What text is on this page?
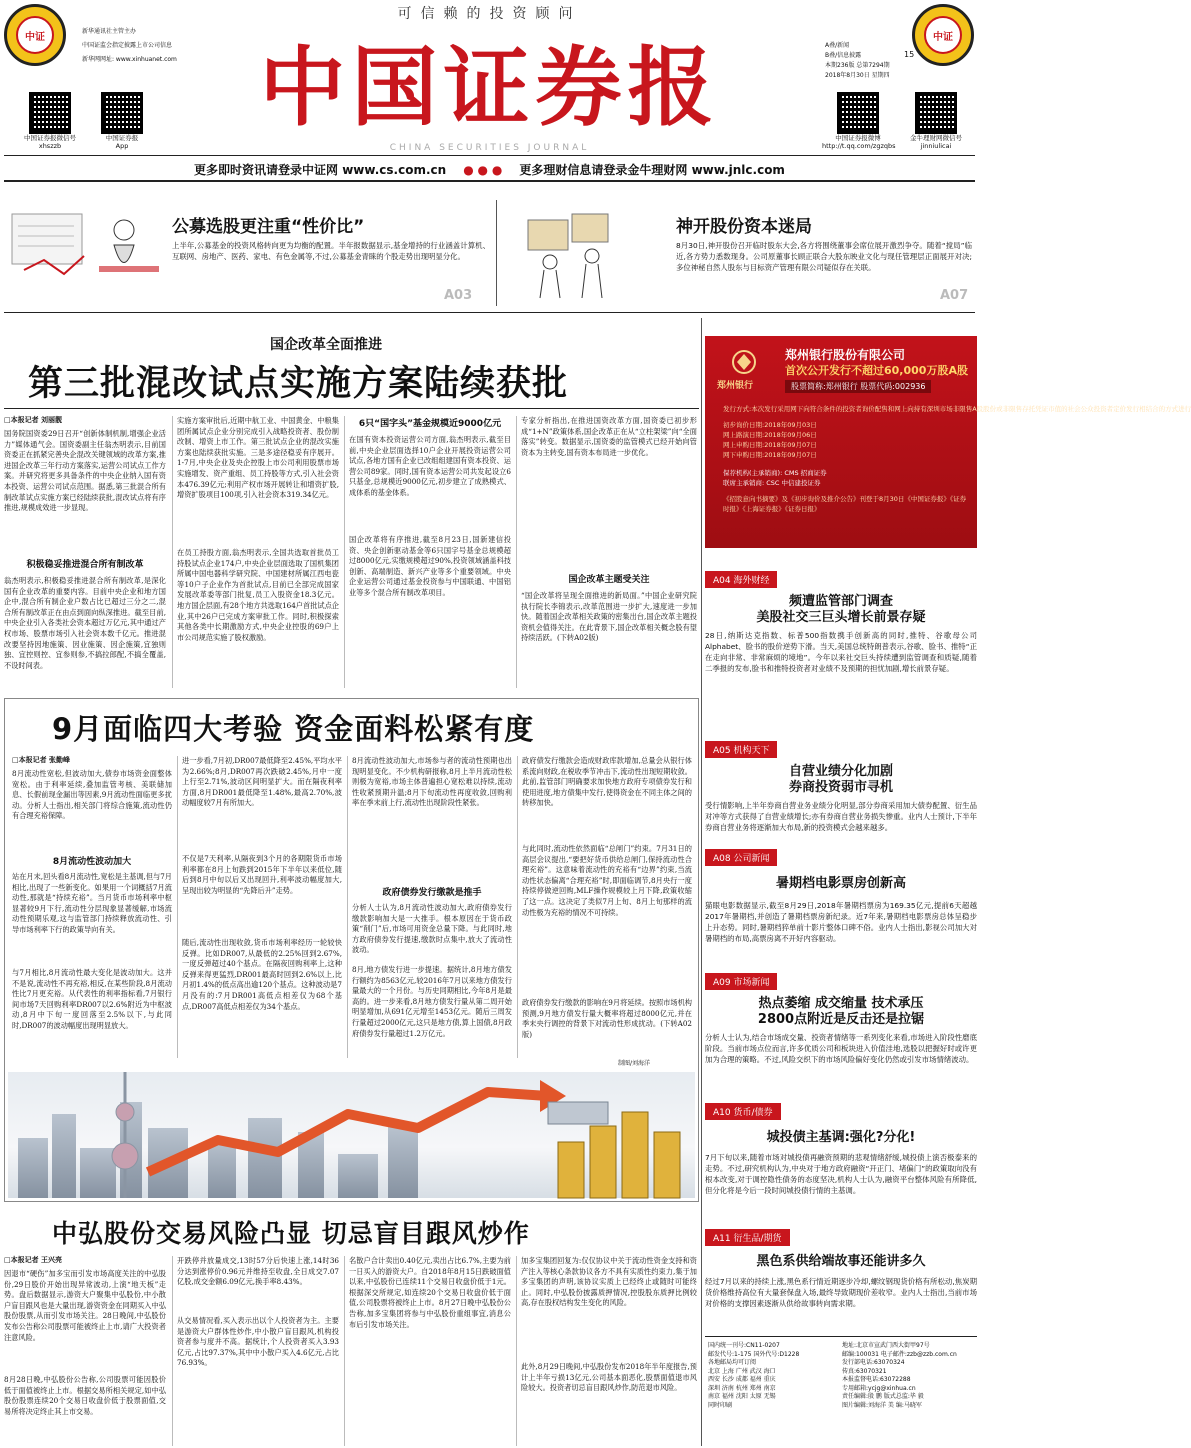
可信赖的投资顾问
中证	中证
新华通讯社主管主办
中国证监会指定披露上市公司信息
新华网网址: www.xinhuanet.com 中国证券报
CHINA SECURITIES JOURNAL
A叠/新闻
B叠/信息披露
本期236版 总第7294期
2018年8月30日 星期四
15
中国证券报微信号
xhszzb
中国证券报
App
中国证券报微博
http://t.qq.com/zgzqbs
金牛理财网微信号
jinniulicai
更多即时资讯请登录中证网 www.cs.com.cn ● ● ● 更多理财信息请登录金牛理财网 www.jnlc.com
公募选股更注重“性价比”
上半年,公募基金的投资风格转向更为均衡的配置。半年报数据显示,基金增持的行业涵盖计算机、互联网、房地产、医药、家电、有色金属等,不过,公募基金青睐的个股走势出现明显分化。
A03
神开股份资本迷局
8月30日,神开股份召开临时股东大会,各方将围绕董事会席位展开激烈争夺。随着“搅局”临近,各方势力悉数现身。公司原董事长顾正联合大股东映业文化与现任管理层正面展开对决;多位神秘自然人股东与目标资产管理有限公司疑似存在关联。
A07
国企改革全面推进
第三批混改试点实施方案陆续获批
□本报记者 刘丽靓
国务院国资委29日召开“创新体制机制,增强企业活力”媒体通气会。国资委副主任翁杰明表示,目前国资委正在抓紧完善央企混改关键领域的改革方案,推进国企改革三年行动方案落实,运营公司试点工作方案。并研究将更多具备条件的中央企业纳入国有资本投资、运营公司试点范围。据悉,第三批混合所有制改革试点实施方案已经陆续获批,混改试点将有序推进,规模成效进一步显现。
积极稳妥推进混合所有制改革
翁杰明表示,积极稳妥推进混合所有制改革,是深化国有企业改革的重要内容。目前中央企业和地方国企中,混合所有制企业户数占比已超过三分之二,混合所有制改革正在由点到面向纵深推进。截至目前,中央企业引入各类社会资本超过万亿元,其中通过产权市场、股票市场引入社会资本数千亿元。推进混改要坚持因地施策、因业施策、因企施策,宜独则独、宜控则控、宜参则参,不搞拉郎配,不搞全覆盖,不设时间表。
实施方案审批后,近期中航工业、中国黄金、中粮集团所属试点企业分别完成引入战略投资者、股份制改制、增资上市工作。第三批试点企业的混改实施方案也陆续获批实施。三是多途径稳妥有序展开。1-7月,中央企业及央企控股上市公司利用股票市场实施增发、资产重组、员工持股等方式,引入社会资本476.39亿元;利用产权市场开展转让和增资扩股,增资扩股项目100项,引入社会资本319.34亿元。
在员工持股方面,翁杰明表示,全国共选取首批员工持股试点企业174户,中央企业层面选取了国机集团所属中国电器科学研究院、中国建材所属江西电瓷等10户子企业作为首批试点,目前已全部完成国家发展改革委等部门批复,员工入股资金18.3亿元。地方国企层面,有28个地方共选取164户首批试点企业,其中26户已完成方案审批工作。同时,积极探索其他各类中长期激励方式,中央企业控股的69户上市公司规范实施了股权激励。
6只“国字头”基金规模近9000亿元
在国有资本投资运营公司方面,翁杰明表示,截至目前,中央企业层面选择10户企业开展投资运营公司试点,各地方国有企业已改组组建国有资本投资、运营公司89家。同时,国有资本运营公司共发起设立6只基金,总规模近9000亿元,初步建立了成熟模式、成体系的基金体系。
国企改革将有序推进,截至8月23日,国新建信投资、央企创新驱动基金等6只国字号基金总规模超过8000亿元,实缴规模超过90%,投资领域涵盖科技创新、高端制造、新兴产业等多个重要领域。中央企业运营公司通过基金投资参与中国联通、中国铝业等多个混合所有制改革项目。
专家分析指出,在推进国资改革方面,国资委已初步形成“1+N”政策体系,国企改革正在从“立柱架梁”向“全面落实”转变。数据显示,国资委的监管模式已经开始向管资本为主转变,国有资本布局进一步优化。
国企改革主题受关注
“国企改革将呈现全面推进的新局面。”中国企业研究院执行院长李锦表示,改革范围进一步扩大,速度进一步加快。随着国企改革相关政策的密集出台,国企改革主题投资机会值得关注。在此背景下,国企改革相关概念股有望持续活跃。(下转A02版)
郑州银行
郑州银行股份有限公司
首次公开发行不超过60,000万股A股
股票简称:郑州银行 股票代码:002936
发行方式:本次发行采用网下向符合条件的投资者询价配售和网上向持有深圳市场非限售A股股份或非限售存托凭证市值的社会公众投资者定价发行相结合的方式进行
初步询价日期:2018年09月03日
网上路演日期:2018年09月06日
网上申购日期:2018年09月07日
网下申购日期:2018年09月07日
保荐机构(主承销商): CMS 招商证券
联席主承销商: CSC 中信建投证券
《招股意向书摘要》及《初步询价及推介公告》刊登于8月30日《中国证券报》《证券时报》《上海证券报》《证券日报》
9月面临四大考验 资金面料松紧有度
□本报记者 张勤峰
8月流动性宽松,但波动加大,债券市场资金面整体宽松。由于利率延续,叠加监管考核、美联储加息、长假前现金漏出等因素,9月流动性面临更多扰动。分析人士指出,相关部门将综合施策,流动性仍有合理充裕保障。
8月流动性波动加大
站在月末,回头看8月流动性,宽松是主基调,但与7月相比,出现了一些新变化。如果用一个词概括7月流动性,那就是“持续充裕”。当月货币市场利率中枢显著较9月下行,流动性分层现象显著缓解,市场流动性预期乐观,这与监管部门持续释放流动性、引导市场利率下行的政策导向有关。
与7月相比,8月流动性最大变化是波动加大。这并不是说,流动性不再充裕,相反,在某些阶段,8月流动性比7月更充裕。从代表性的利率指标看,7月银行间市场7天回购利率DR007以2.6%附近为中枢波动,8月中下旬一度回落至2.5%以下,与此同时,DR007的波动幅度出现明显放大。
进一步看,7月初,DR007最低降至2.45%,平均水平为2.66%;8月,DR007再次跌破2.45%,月中一度上行至2.71%,波动区间明显扩大。而在隔夜利率方面,8月DR001最低降至1.48%,最高2.70%,波动幅度较7月有所加大。
不仅是7天利率,从隔夜到3个月的各期限货币市场利率都在8月上旬跌到2015年下半年以来低位,随后到8月中旬以后又出现回升,利率波动幅度加大,呈现出较为明显的“先降后升”走势。
随后,流动性出现收敛,货币市场利率经历一轮较快反弹。比如DR007,从最低的2.25%回到2.67%,一度反弹超过40个基点。在隔夜回购利率上,这种反弹来得更猛烈,DR001最高时回到2.6%以上,比月初1.4%的低点高出逾120个基点。这种波动是7月没有的:7月DR001高低点相差仅为68个基点,DR007高低点相差仅为34个基点。
8月流动性波动加大,市场参与者的流动性预期也出现明显变化。不少机构研报称,8月上半月流动性松则极为宽裕,市场主体普遍担心宽松难以持续,流动性收紧预期升温;8月下旬流动性再度收敛,回购利率在季末前上行,流动性出现阶段性紧张。
政府债券发行缴款是推手
分析人士认为,8月流动性波动加大,政府债券发行缴款影响加大是一大推手。根本原因在于货币政策“削门”后,市场可用资金总量下降。与此同时,地方政府债券发行提速,缴款时点集中,放大了流动性波动。
8月,地方债发行进一步提速。据统计,8月地方债发行额约为8563亿元,较2016年7月以来地方债发行量最大的一个月份。与历史同期相比,今年8月是最高的。进一步来看,8月地方债发行量从第二周开始明显增加,从691亿元增至1453亿元。随后三周发行量超过2000亿元,这只是地方债,算上国债,8月政府债券发行量超过1.2万亿元。
政府债发行缴款会造成财政库款增加,总量会从银行体系流向财政,在税收季节冲击下,流动性出现短期收敛。此前,监管部门明确要求加快地方政府专项债券发行和使用进度,地方债集中发行,使得资金在不同主体之间的转移加快。
与此同时,流动性依然面临“总闸门”约束。7月31日的高层会议提出,“要把好货币供给总闸门,保持流动性合理充裕”。这意味着流动性的充裕有“边界”约束,当流动性状态偏离“合理充裕”时,即面临调节,8月央行一度持续停做逆回购,MLF操作规模较上月下降,政策收缩了这一点。这决定了类似7月上旬、8月上旬那样的流动性极为充裕的情况不可持续。
政府债券发行缴款的影响在9月将延续。按照市场机构预测,9月地方债发行量大概率将超过8000亿元,并在季末央行调控的背景下对流动性形成扰动。(下转A02版)
制图/刘海洋
中弘股份交易风险凸显 切忌盲目跟风炒作
□本报记者 王兴亮
因退市“硬伤”加多宝而引发市场高度关注的中弘股份,29日股价开始出现异常波动,上演“地天板”走势。盘后数据显示,游资大户聚集中弘股份,中小散户盲目跟风也是大量出现,游资资金在同期买入中弘股份股票,从而引发市场关注。28日晚间,中弘股份发布公告称公司股票可能被终止上市,请广大投资者注意风险。
8月28日晚,中弘股份公告称,公司股票可能因股价低于面值被终止上市。根据交易所相关规定,如中弘股份股票连续20个交易日收盘价低于股票面值,交易所将决定终止其上市交易。
开跌停并放量成交,13时57分后快速上涨,14时36分达到涨停价0.96元并维持至收盘,全日成交7.07亿股,成交金额6.09亿元,换手率8.43%。
从交易情况看,买入表示出以个人投资者为主。主要是游资大户群体性炒作,中小散户盲目跟风,机构投资者参与度并不高。据统计,个人投资者买入3.93亿元,占比97.37%,其中中小散户买入4.6亿元,占比76.93%。
名散户合计卖出0.40亿元,卖出占比6.7%,主要为前一日买入的游资大户。自2018年8月15日跌破面值以来,中弘股份已连续11个交易日收盘价低于1元。根据深交所规定,如连续20个交易日收盘价低于面值,公司股票将被终止上市。8月27日晚中弘股份公告称,加多宝集团将参与中弘股份重组事宜,消息公布后引发市场关注。
加多宝集团回复为:仅仅协议中关于流动性资金支持和资产注入等核心条款协议各方不具有实质性约束力,集于加多宝集团的声明,该协议实质上已经终止或随时可能终止。同时,中弘股份披露质押情况,控股股东质押比例较高,存在股权结构发生变化的风险。
此外,8月29日晚间,中弘股份发布2018年半年度报告,预计上半年亏损13亿元,公司基本面恶化,股票面值退市风险较大。投资者切忌盲目跟风炒作,防范退市风险。
A04 海外财经
频遭监管部门调查
美股社交三巨头增长前景存疑
28日,纳斯达克指数、标普500指数携手创新高的同时,推特、谷歌母公司Alphabet、脸书的股价逆势下滑。当天,美国总统特朗普表示,谷歌、脸书、推特“正在走向非常、非常麻烦的境地”。今年以来社交巨头持续遭到监管调查和质疑,随着二季报的发布,脸书和推特投资者对业绩不及预期的担忧加剧,增长前景存疑。
A05 机构天下
自营业绩分化加剧
券商投资弱市寻机
受行情影响,上半年券商自营业务业绩分化明显,部分券商采用加大债券配置、衍生品对冲等方式获得了自营业绩增长;亦有券商自营业务损失惨重。业内人士预计,下半年券商自营业务将逐渐加大布局,新的投资模式会越来越多。
A08 公司新闻
暑期档电影票房创新高
猫眼电影数据显示,截至8月29日,2018年暑期档票房为169.35亿元,提前6天超越2017年暑期档,并创造了暑期档票房新纪录。近7年来,暑期档电影票房总体呈稳步上升态势。同时,暑期档猝单前十影片整体口碑不俗。业内人士指出,影视公司加大对暑期档的布局,高票房离不开好内容驱动。
A09 市场新闻
热点萎缩 成交缩量 技术承压
2800点附近是反击还是拉锯
分析人士认为,结合市场成交量、投资者情绪等一系列变化来看,市场进入阶段性磨底阶段。当前市场点位而言,许多优质公司和板块进入价值洼地,选股以把握好时或许更加为合理的策略。不过,风险交织下的市场风险偏好变化仍然或引发市场情绪波动。
A10 货币/债券
城投债主基调:强化?分化!
7月下旬以来,随着市场对城投债再融资预期的悲观情绪舒缓,城投债上演否极泰来的走势。不过,研究机构认为,中央对于地方政府融资“开正门、堵偏门”的政策取向没有根本改变,对于调控隐性债务的态度坚决,机构人士认为,融资平台整体风险有所降低,但分化将是今后一段时间城投债行情的主基调。
A11 衍生品/期货
黑色系供给端故事还能讲多久
经过7月以来的持续上涨,黑色系行情近期逐步冷却,螺纹钢现货价格有所松动,焦炭期货价格维持高位有大量套保盘入场,最终导致期现价差收窄。业内人士指出,当前市场对价格的支撑因素逐渐从供给故事转向需求期。
国内统一刊号:CN11-0207
邮发代号:1-175 国外代号:D1228
各地邮局均可订阅
北京 上海 广州 武汉 海口
西安 长沙 成都 福州 重庆
深圳 济南 杭州 郑州 南京
南京 福州 沈阳 太原 无锡
同时印刷
地址:北京市宣武门西大街甲97号
邮编:100031 电子邮件:zzb@zzb.com.cn
发行部电话:63070324
传真:63070321
本报监督电话:63072288
专用邮箱:ycjg@xinhua.cn
责任编辑:殷 鹏 版式总监:毕 毅
图片编辑:刘海洋 美 编:马晓军
